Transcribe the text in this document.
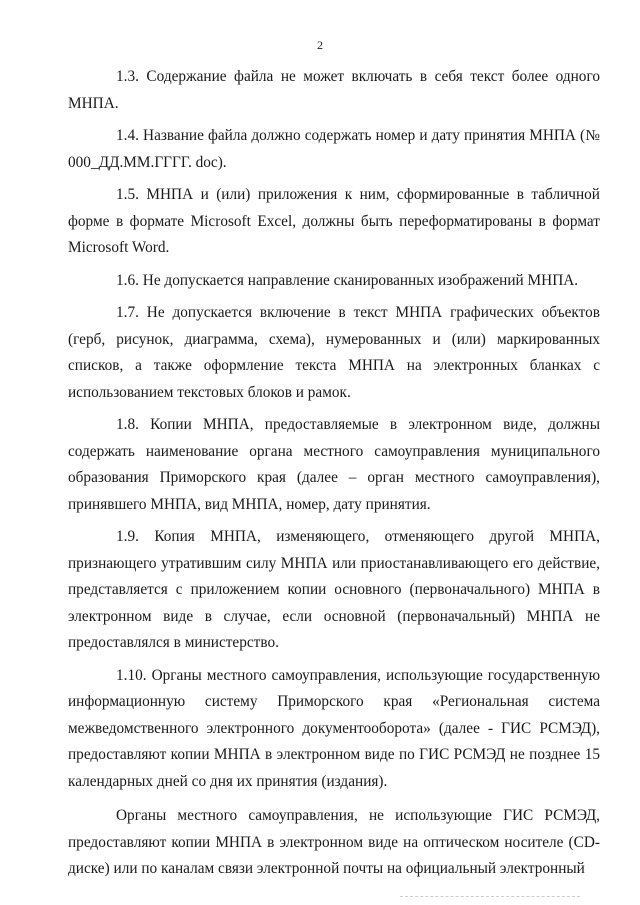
2

1.3. Содержание файла не может включать в себя текст более одного МНПА.

1.4. Название файла должно содержать номер и дату принятия МНПА (№ 000_ДД.ММ.ГГГГ. doc).

1.5. МНПА и (или) приложения к ним, сформированные в табличной форме в формате Microsoft Excel, должны быть переформатированы в формат Microsoft Word.

1.6. Не допускается направление сканированных изображений МНПА.

1.7. Не допускается включение в текст МНПА графических объектов (герб, рисунок, диаграмма, схема), нумерованных и (или) маркированных списков, а также оформление текста МНПА на электронных бланках с использованием текстовых блоков и рамок.

1.8. Копии МНПА, предоставляемые в электронном виде, должны содержать наименование органа местного самоуправления муниципального образования Приморского края (далее – орган местного самоуправления), принявшего МНПА, вид МНПА, номер, дату принятия.

1.9. Копия МНПА, изменяющего, отменяющего другой МНПА, признающего утратившим силу МНПА или приостанавливающего его действие, представляется с приложением копии основного (первоначального) МНПА в электронном виде в случае, если основной (первоначальный) МНПА не предоставлялся в министерство.

1.10. Органы местного самоуправления, использующие государственную информационную систему Приморского края «Региональная система межведомственного электронного документооборота» (далее - ГИС РСМЭД), предоставляют копии МНПА в электронном виде по ГИС РСМЭД не позднее 15 календарных дней со дня их принятия (издания).

Органы местного самоуправления, не использующие ГИС РСМЭД, предоставляют копии МНПА в электронном виде на оптическом носителе (CD-диске) или по каналам связи электронной почты на официальный электронный
